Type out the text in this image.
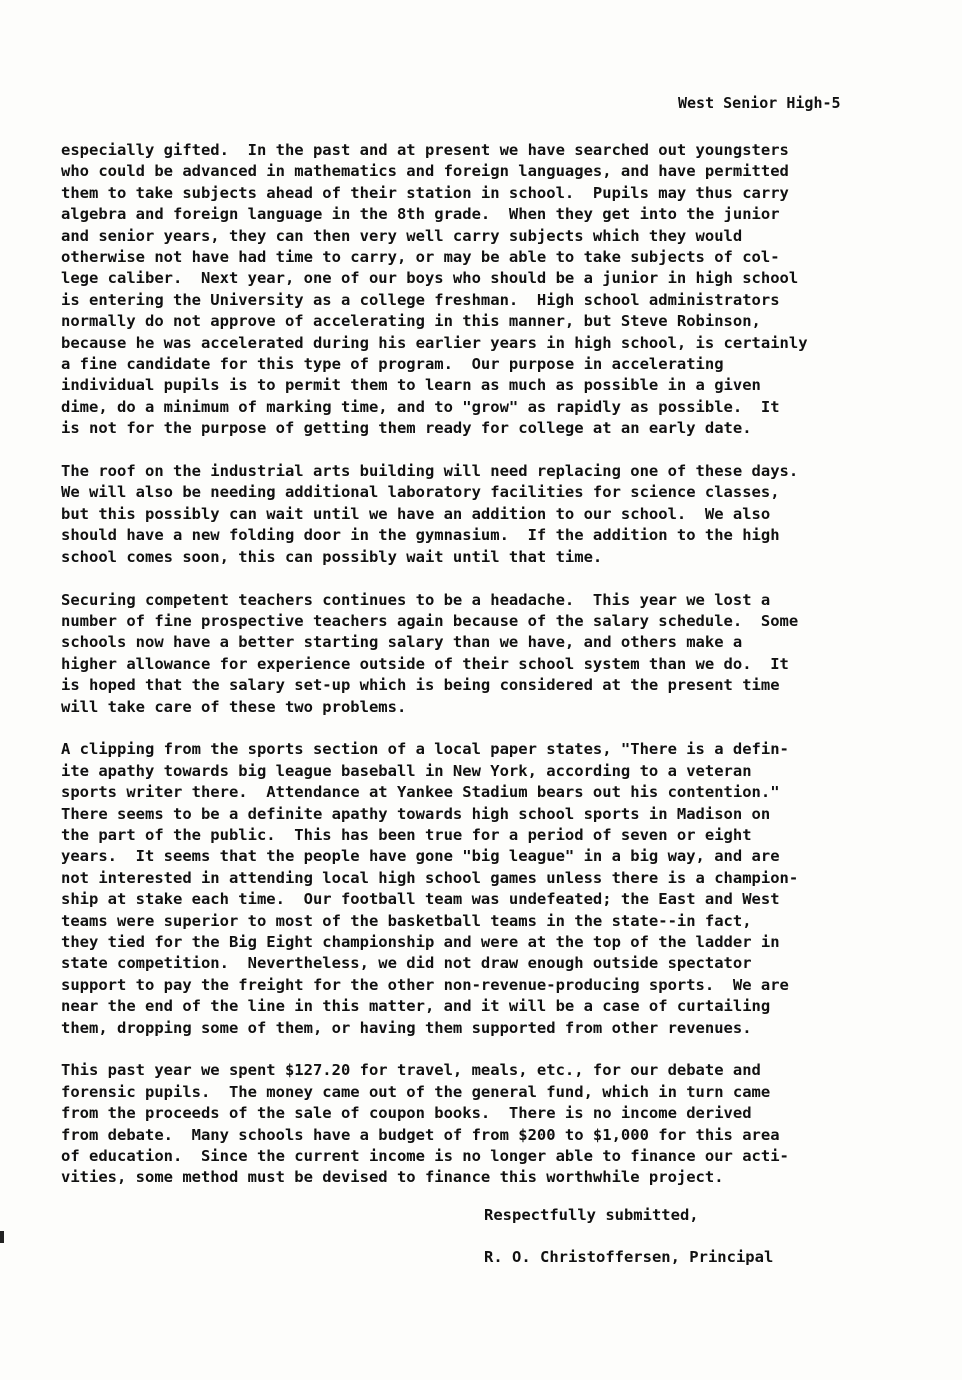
West Senior High-5
especially gifted.  In the past and at present we have searched out youngsters
who could be advanced in mathematics and foreign languages, and have permitted
them to take subjects ahead of their station in school.  Pupils may thus carry
algebra and foreign language in the 8th grade.  When they get into the junior
and senior years, they can then very well carry subjects which they would
otherwise not have had time to carry, or may be able to take subjects of col-
lege caliber.  Next year, one of our boys who should be a junior in high school
is entering the University as a college freshman.  High school administrators
normally do not approve of accelerating in this manner, but Steve Robinson,
because he was accelerated during his earlier years in high school, is certainly
a fine candidate for this type of program.  Our purpose in accelerating
individual pupils is to permit them to learn as much as possible in a given
dime, do a minimum of marking time, and to "grow" as rapidly as possible.  It
is not for the purpose of getting them ready for college at an early date.
The roof on the industrial arts building will need replacing one of these days.
We will also be needing additional laboratory facilities for science classes,
but this possibly can wait until we have an addition to our school.  We also
should have a new folding door in the gymnasium.  If the addition to the high
school comes soon, this can possibly wait until that time.
Securing competent teachers continues to be a headache.  This year we lost a
number of fine prospective teachers again because of the salary schedule.  Some
schools now have a better starting salary than we have, and others make a
higher allowance for experience outside of their school system than we do.  It
is hoped that the salary set-up which is being considered at the present time
will take care of these two problems.
A clipping from the sports section of a local paper states, "There is a defin-
ite apathy towards big league baseball in New York, according to a veteran
sports writer there.  Attendance at Yankee Stadium bears out his contention."
There seems to be a definite apathy towards high school sports in Madison on
the part of the public.  This has been true for a period of seven or eight
years.  It seems that the people have gone "big league" in a big way, and are
not interested in attending local high school games unless there is a champion-
ship at stake each time.  Our football team was undefeated; the East and West
teams were superior to most of the basketball teams in the state--in fact,
they tied for the Big Eight championship and were at the top of the ladder in
state competition.  Nevertheless, we did not draw enough outside spectator
support to pay the freight for the other non-revenue-producing sports.  We are
near the end of the line in this matter, and it will be a case of curtailing
them, dropping some of them, or having them supported from other revenues.
This past year we spent $127.20 for travel, meals, etc., for our debate and
forensic pupils.  The money came out of the general fund, which in turn came
from the proceeds of the sale of coupon books.  There is no income derived
from debate.  Many schools have a budget of from $200 to $1,000 for this area
of education.  Since the current income is no longer able to finance our acti-
vities, some method must be devised to finance this worthwhile project.
Respectfully submitted,
R. O. Christoffersen, Principal
